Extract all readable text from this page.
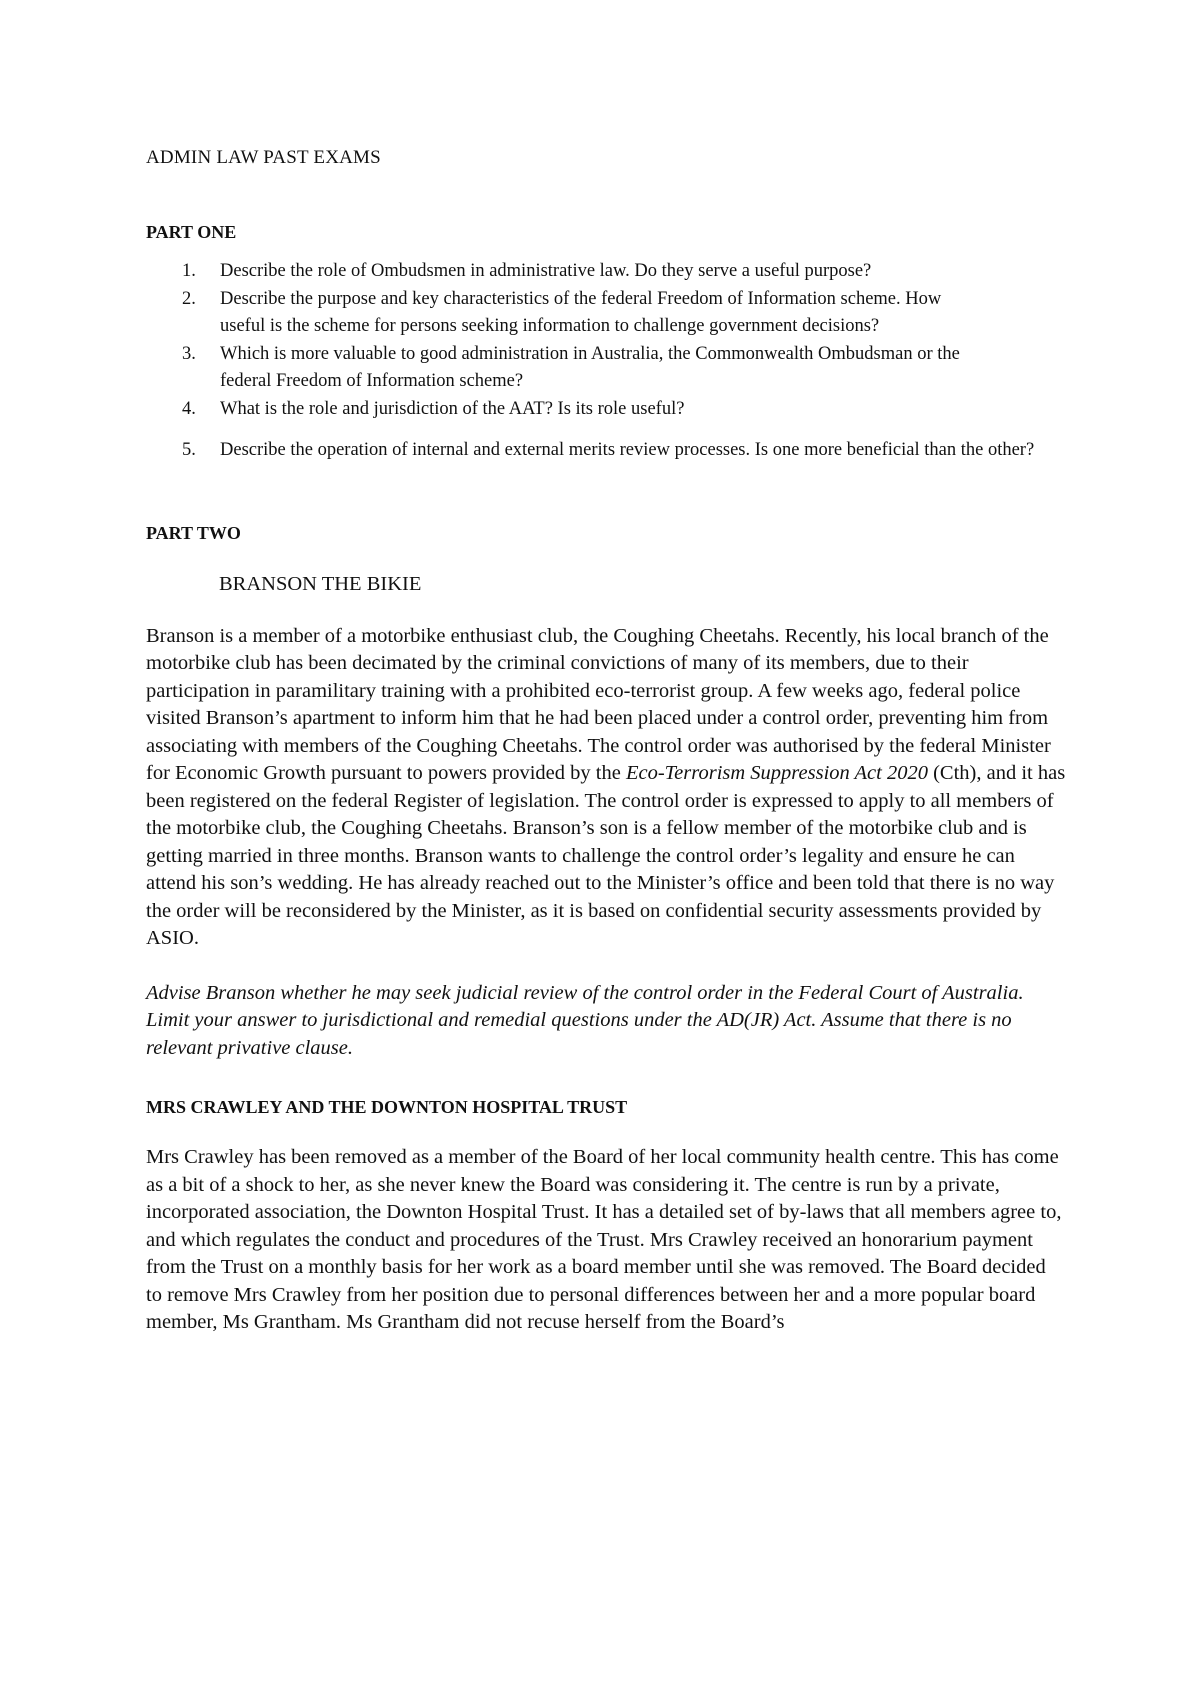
ADMIN LAW PAST EXAMS
PART ONE
1.	Describe the role of Ombudsmen in administrative law. Do they serve a useful purpose?
2.	Describe the purpose and key characteristics of the federal Freedom of Information scheme. How useful is the scheme for persons seeking information to challenge government decisions?
3.	Which is more valuable to good administration in Australia, the Commonwealth Ombudsman or the federal Freedom of Information scheme?
4.	What is the role and jurisdiction of the AAT? Is its role useful?
5.	Describe the operation of internal and external merits review processes. Is one more beneficial than the other?
PART TWO
BRANSON THE BIKIE

Branson is a member of a motorbike enthusiast club, the Coughing Cheetahs. Recently, his local branch of the motorbike club has been decimated by the criminal convictions of many of its members, due to their participation in paramilitary training with a prohibited eco-terrorist group. A few weeks ago, federal police visited Branson’s apartment to inform him that he had been placed under a control order, preventing him from associating with members of the Coughing Cheetahs. The control order was authorised by the federal Minister for Economic Growth pursuant to powers provided by the Eco-Terrorism Suppression Act 2020 (Cth), and it has been registered on the federal Register of legislation. The control order is expressed to apply to all members of the motorbike club, the Coughing Cheetahs. Branson’s son is a fellow member of the motorbike club and is getting married in three months. Branson wants to challenge the control order’s legality and ensure he can attend his son’s wedding. He has already reached out to the Minister’s office and been told that there is no way the order will be reconsidered by the Minister, as it is based on confidential security assessments provided by ASIO.

Advise Branson whether he may seek judicial review of the control order in the Federal Court of Australia. Limit your answer to jurisdictional and remedial questions under the AD(JR) Act. Assume that there is no relevant privative clause.

MRS CRAWLEY AND THE DOWNTON HOSPITAL TRUST

Mrs Crawley has been removed as a member of the Board of her local community health centre. This has come as a bit of a shock to her, as she never knew the Board was considering it. The centre is run by a private, incorporated association, the Downton Hospital Trust. It has a detailed set of by-laws that all members agree to, and which regulates the conduct and procedures of the Trust. Mrs Crawley received an honorarium payment from the Trust on a monthly basis for her work as a board member until she was removed. The Board decided to remove Mrs Crawley from her position due to personal differences between her and a more popular board member, Ms Grantham. Ms Grantham did not recuse herself from the Board’s
